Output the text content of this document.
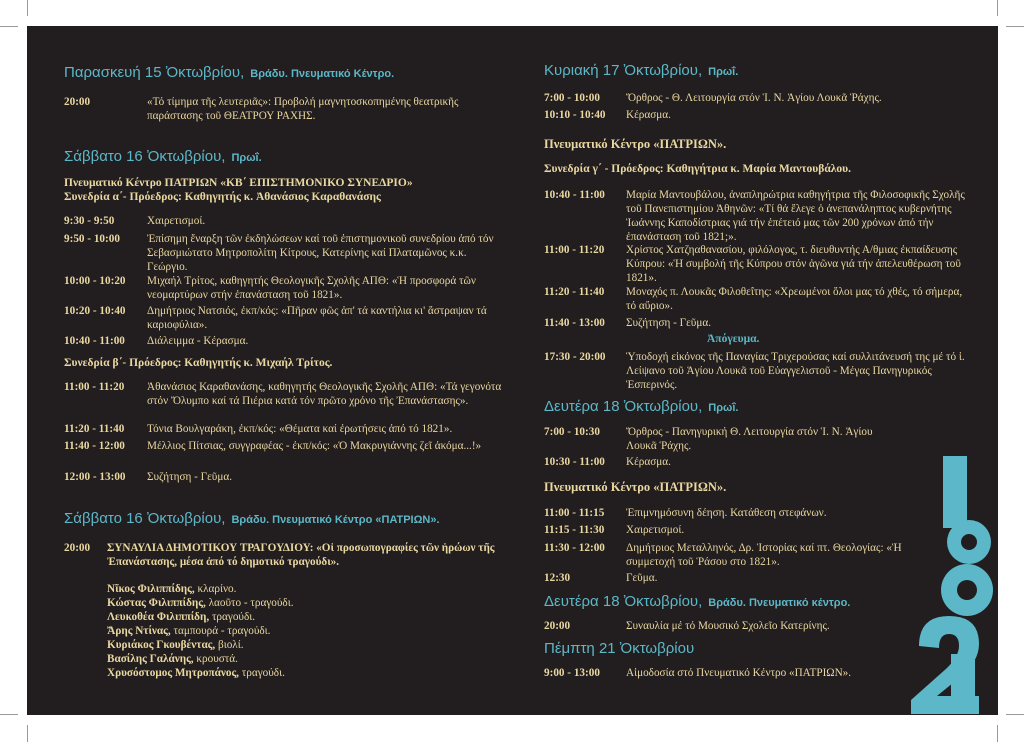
Παρασκευή 15 Ὀκτωβρίου, Βράδυ. Πνευματικό Κέντρο.
20:00	«Τό τίμημα τῆς λευτεριᾶς»: Προβολή μαγνητοσκοπημένης θεατρικῆς παράστασης τοῦ ΘΕΑΤΡΟΥ ΡΑΧΗΣ.
Σάββατο 16 Ὀκτωβρίου, Πρωΐ.
Πνευματικό Κέντρο ΠΑΤΡΙΩΝ «ΚΒ΄ ΕΠΙΣΤΗΜΟΝΙΚΟ ΣΥΝΕΔΡΙΟ»
Συνεδρία α΄- Πρόεδρος: Καθηγητής κ. Ἀθανάσιος Καραθανάσης
9:30 - 9:50	Χαιρετισμοί.
9:50 - 10:00 Ἐπίσημη ἔναρξη τῶν ἐκδηλώσεων καί τοῦ ἐπιστημονικοῦ συνεδρίου ἀπό τόν Σεβασμιώτατο Μητροπολίτη Κίτρους, Κατερίνης καί Πλαταμῶνος κ.κ. Γεώργιο.
10:00 - 10:20 Μιχαήλ Τρίτος, καθηγητής Θεολογικῆς Σχολῆς ΑΠΘ: «Ἡ προσφορά τῶν νεομαρτύρων στήν ἐπανάσταση τοῦ 1821».
10:20 - 10:40 Δημήτριος Νατσιός, ἐκπ/κός: «Πῆραν φῶς ἀπ' τά καντήλια κι' ἄστραψαν τά καριοφύλια».
10:40 - 11:00 Διάλειμμα - Κέρασμα.
Συνεδρία β΄- Πρόεδρος: Καθηγητής κ. Μιχαήλ Τρίτος.
11:00 - 11:20 Ἀθανάσιος Καραθανάσης, καθηγητής Θεολογικῆς Σχολῆς ΑΠΘ: «Τά γεγονότα στόν Ὄλυμπο καί τά Πιέρια κατά τόν πρῶτο χρόνο τῆς Ἐπανάστασης».
11:20 - 11:40 Τόνια Βουλγαράκη, ἐκπ/κός: «Θέματα καί ἐρωτήσεις ἀπό τό 1821».
11:40 - 12:00 Μέλλιος Πίτσιας, συγγραφέας - ἐκπ/κός: «Ὁ Μακρυγιάννης ζεῖ ἀκόμα...!»
12:00 - 13:00 Συζήτηση - Γεῦμα.
Σάββατο 16 Ὀκτωβρίου, Βράδυ. Πνευματικό Κέντρο «ΠΑΤΡΙΩΝ».
20:00 ΣΥΝΑΥΛΙΑ ΔΗΜΟΤΙΚΟΥ ΤΡΑΓΟΥΔΙΟΥ: «Οἱ προσωπογραφίες τῶν ἡρώων τῆς Ἐπανάστασης, μέσα ἀπό τό δημοτικό τραγούδι».
Νῖκος Φιλιππίδης, κλαρίνο.
Κώστας Φιλιππίδης, λαοῦτο - τραγούδι.
Λευκοθέα Φιλιππίδη, τραγούδι.
Ἄρης Ντίνας, ταμπουρά - τραγούδι.
Κυριάκος Γκουβέντας, βιολί.
Βασίλης Γαλάνης, κρουστά.
Χρυσόστομος Μητροπάνος, τραγούδι.
Κυριακή 17 Ὀκτωβρίου, Πρωΐ.
7:00 - 10:00 Ὄρθρος - Θ. Λειτουργία στόν Ἱ. Ν. Ἁγίου Λουκᾶ Ῥάχης.
10:10 - 10:40 Κέρασμα.
Πνευματικό Κέντρο «ΠΑΤΡΙΩΝ».
Συνεδρία γ΄ - Πρόεδρος: Καθηγήτρια κ. Μαρία Μαντουβάλου.
10:40 - 11:00 Μαρία Μαντουβάλου, ἀναπληρώτρια καθηγήτρια τῆς Φιλοσοφικῆς Σχολῆς τοῦ Πανεπιστημίου Ἀθηνῶν: «Τί θά ἔλεγε ὁ ἀνεπανάληπτος κυβερνήτης Ἰωάννης Καποδίστριας γιά τήν ἐπέτειό μας τῶν 200 χρόνων ἀπό τήν ἐπανάσταση τοῦ 1821;».
11:00 - 11:20 Χρίστος Χατζηαθανασίου, φιλόλογος, τ. διευθυντής Α/θμιας ἐκπαίδευσης Κύπρου: «Ἡ συμβολή τῆς Κύπρου στόν ἀγῶνα γιά τήν ἀπελευθέρωση τοῦ 1821».
11:20 - 11:40 Μοναχός π. Λουκᾶς Φιλοθεΐτης: «Χρεωμένοι ὅλοι μας τό χθές, τό σήμερα, τό αὔριο».
11:40 - 13:00 Συζήτηση - Γεῦμα.
Ἀπόγευμα.
17:30 - 20:00 Ὑποδοχή εἰκόνος τῆς Παναγίας Τριχερούσας καί συλλιτάνευσή της μέ τό ἱ. Λείψανο τοῦ Ἁγίου Λουκᾶ τοῦ Εὐαγγελιστοῦ - Μέγας Πανηγυρικός Ἑσπερινός.
Δευτέρα 18 Ὀκτωβρίου, Πρωΐ.
7:00 - 10:30 Ὄρθρος - Πανηγυρική Θ. Λειτουργία στόν Ἱ. Ν. Ἁγίου Λουκᾶ Ῥάχης.
10:30 - 11:00 Κέρασμα.
Πνευματικό Κέντρο «ΠΑΤΡΙΩΝ».
11:00 - 11:15 Ἐπιμνημόσυνη δέηση. Κατάθεση στεφάνων.
11:15 - 11:30 Χαιρετισμοί.
11:30 - 12:00 Δημήτριος Μεταλληνός, Δρ. Ἱστορίας καί πτ. Θεολογίας: «Ἡ συμμετοχή τοῦ Ῥάσου στο 1821».
12:30	Γεῦμα.
Δευτέρα 18 Ὀκτωβρίου, Βράδυ. Πνευματικό κέντρο.
20:00	Συναυλία μέ τό Μουσικό Σχολεῖο Κατερίνης.
Πέμπτη 21 Ὀκτωβρίου
9:00 - 13:00 Αἱμοδοσία στό Πνευματικό Κέντρο «ΠΑΤΡΙΩΝ».
